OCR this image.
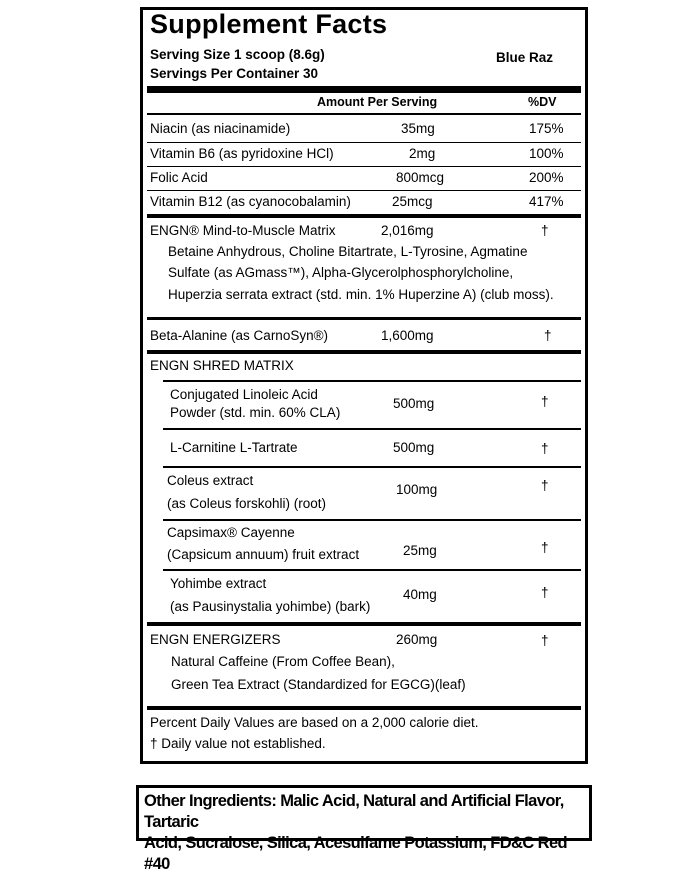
Supplement Facts
Serving Size 1 scoop (8.6g)
Servings Per Container 30
Blue Raz
Amount Per Serving	%DV
Niacin (as niacinamide)	35mg	175%
Vitamin B6 (as pyridoxine HCl)	2mg	100%
Folic Acid	800mcg	200%
Vitamin B12 (as cyanocobalamin)	25mcg	417%
ENGN® Mind-to-Muscle Matrix	2,016mg	†
Betaine Anhydrous, Choline Bitartrate, L-Tyrosine, Agmatine
Sulfate (as AGmass™), Alpha-Glycerolphosphorylcholine,
Huperzia serrata extract (std. min. 1% Huperzine A) (club moss).
Beta-Alanine (as CarnoSyn®)	1,600mg	†
ENGN SHRED MATRIX
Conjugated Linoleic Acid
Powder (std. min. 60% CLA)
500mg	†
L-Carnitine L-Tartrate	500mg	†
Coleus extract
(as Coleus forskohli) (root)
100mg	†
Capsimax® Cayenne
(Capsicum annuum) fruit extract	25mg	†
Yohimbe extract
(as Pausinystalia yohimbe) (bark)
40mg	†
ENGN ENERGIZERS	260mg	†
Natural Caffeine (From Coffee Bean),
Green Tea Extract (Standardized for EGCG)(leaf)
Percent Daily Values are based on a 2,000 calorie diet.
† Daily value not established.
Other Ingredients: Malic Acid, Natural and Artificial Flavor, Tartaric
Acid, Sucralose, Silica, Acesulfame Potassium, FD&C Red #40
